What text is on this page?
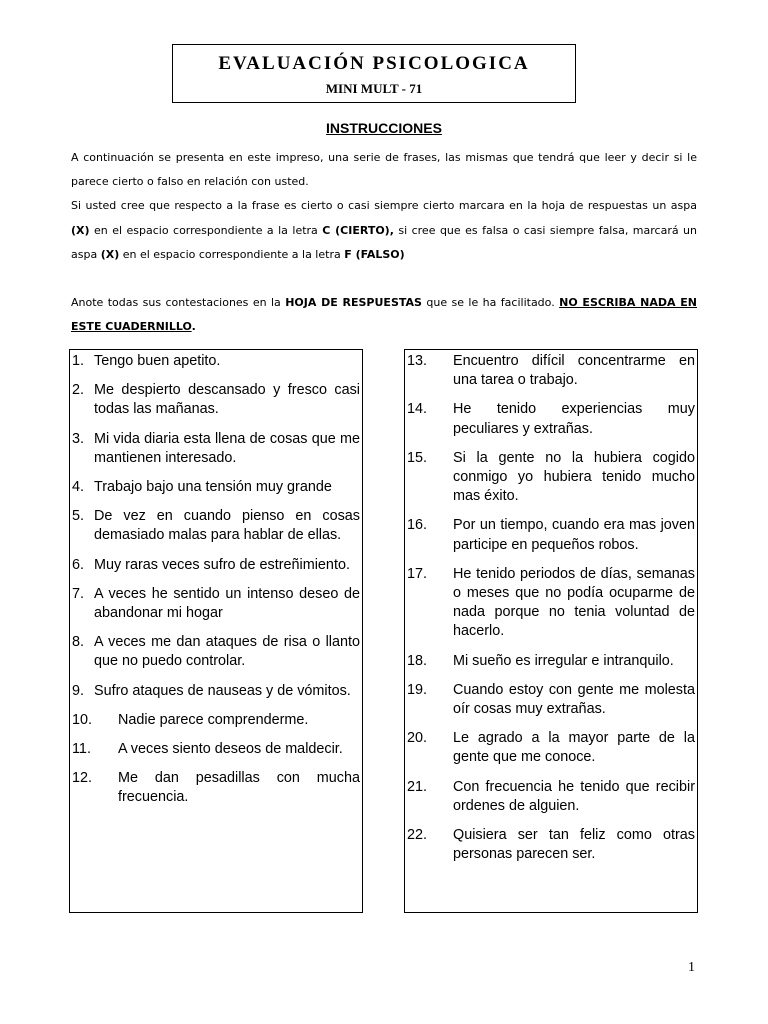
EVALUACIÓN PSICOLOGICA
MINI MULT - 71
INSTRUCCIONES

A continuación se presenta en este impreso, una serie de frases, las mismas que tendrá que leer y decir si le parece cierto o falso en relación con usted.

Si usted cree que respecto a la frase es cierto o casi siempre cierto marcara en la hoja de respuestas un aspa (X) en el espacio correspondiente a la letra C (CIERTO), si cree que es falsa o casi siempre falsa, marcará un aspa (X) en el espacio correspondiente a la letra F (FALSO)

Anote todas sus contestaciones en la HOJA DE RESPUESTAS que se le ha facilitado. NO ESCRIBA NADA EN ESTE CUADERNILLO.

1. Tengo buen apetito.
2. Me despierto descansado y fresco casi todas las mañanas.
3. Mi vida diaria esta llena de cosas que me mantienen interesado.
4. Trabajo bajo una tensión muy grande
5. De vez en cuando pienso en cosas demasiado malas para hablar de ellas.
6. Muy raras veces sufro de estreñimiento.
7. A veces he sentido un intenso deseo de abandonar mi hogar
8. A veces me dan ataques de risa o llanto que no puedo controlar.
9. Sufro ataques de nauseas y de vómitos.
10.	Nadie parece comprenderme.
11.	A veces siento deseos de maldecir.
12.	Me dan pesadillas con mucha frecuencia.
13.	Encuentro difícil concentrarme en una tarea o trabajo.
14.	He tenido experiencias muy peculiares y extrañas.
15.	Si la gente no la hubiera cogido conmigo yo hubiera tenido mucho mas éxito.
16.	Por un tiempo, cuando era mas joven participe en pequeños robos.
17.	He tenido periodos de días, semanas o meses que no podía ocuparme de nada porque no tenia voluntad de hacerlo.
18.	Mi sueño es irregular e intranquilo.
19.	Cuando estoy con gente me molesta oír cosas muy extrañas.
20.	Le agrado a la mayor parte de la gente que me conoce.
21.	Con frecuencia he tenido que recibir ordenes de alguien.
22.	Quisiera ser tan feliz como otras personas parecen ser.
1
